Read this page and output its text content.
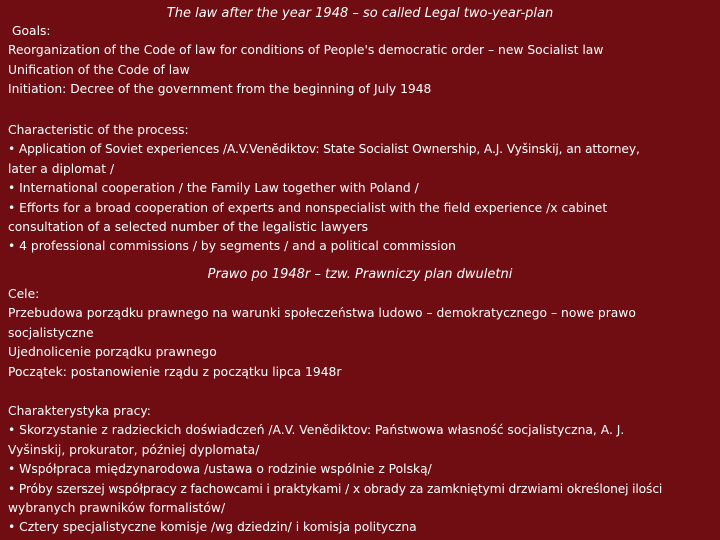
The law after the year 1948 – so called Legal two-year-plan
Goals:
Reorganization of the Code of law for conditions of People's democratic order – new Socialist law
Unification of the Code of law
Initiation: Decree of the government from the beginning of July 1948
Characteristic of the process:
• Application of Soviet experiences /A.V.Venĕdiktov: State Socialist Ownership, A.J. Vyšinskij, an attorney,
later a diplomat /
• International cooperation / the Family Law together with Poland /
• Efforts for a broad cooperation of experts and nonspecialist with the field experience /x cabinet
consultation of a selected number of the legalistic lawyers
• 4 professional commissions / by segments / and a political commission
Prawo po 1948r – tzw. Prawniczy plan dwuletni
Cele:
Przebudowa porządku prawnego na warunki społeczeństwa ludowo – demokratycznego – nowe prawo
socjalistyczne
Ujednolicenie porządku prawnego
Początek: postanowienie rządu z początku lipca 1948r
Charakterystyka pracy:
• Skorzystanie z radzieckich doświadczeń /A.V. Venĕdiktov: Państwowa własność socjalistyczna, A. J.
Vyšinskij, prokurator, później dyplomata/
• Współpraca międzynarodowa /ustawa o rodzinie wspólnie z Polską/
• Próby szerszej współpracy z fachowcami i praktykami / x obrady za zamkniętymi drzwiami określonej ilości
wybranych prawników formalistów/
• Cztery specjalistyczne komisje /wg dziedzin/ i komisja polityczna
